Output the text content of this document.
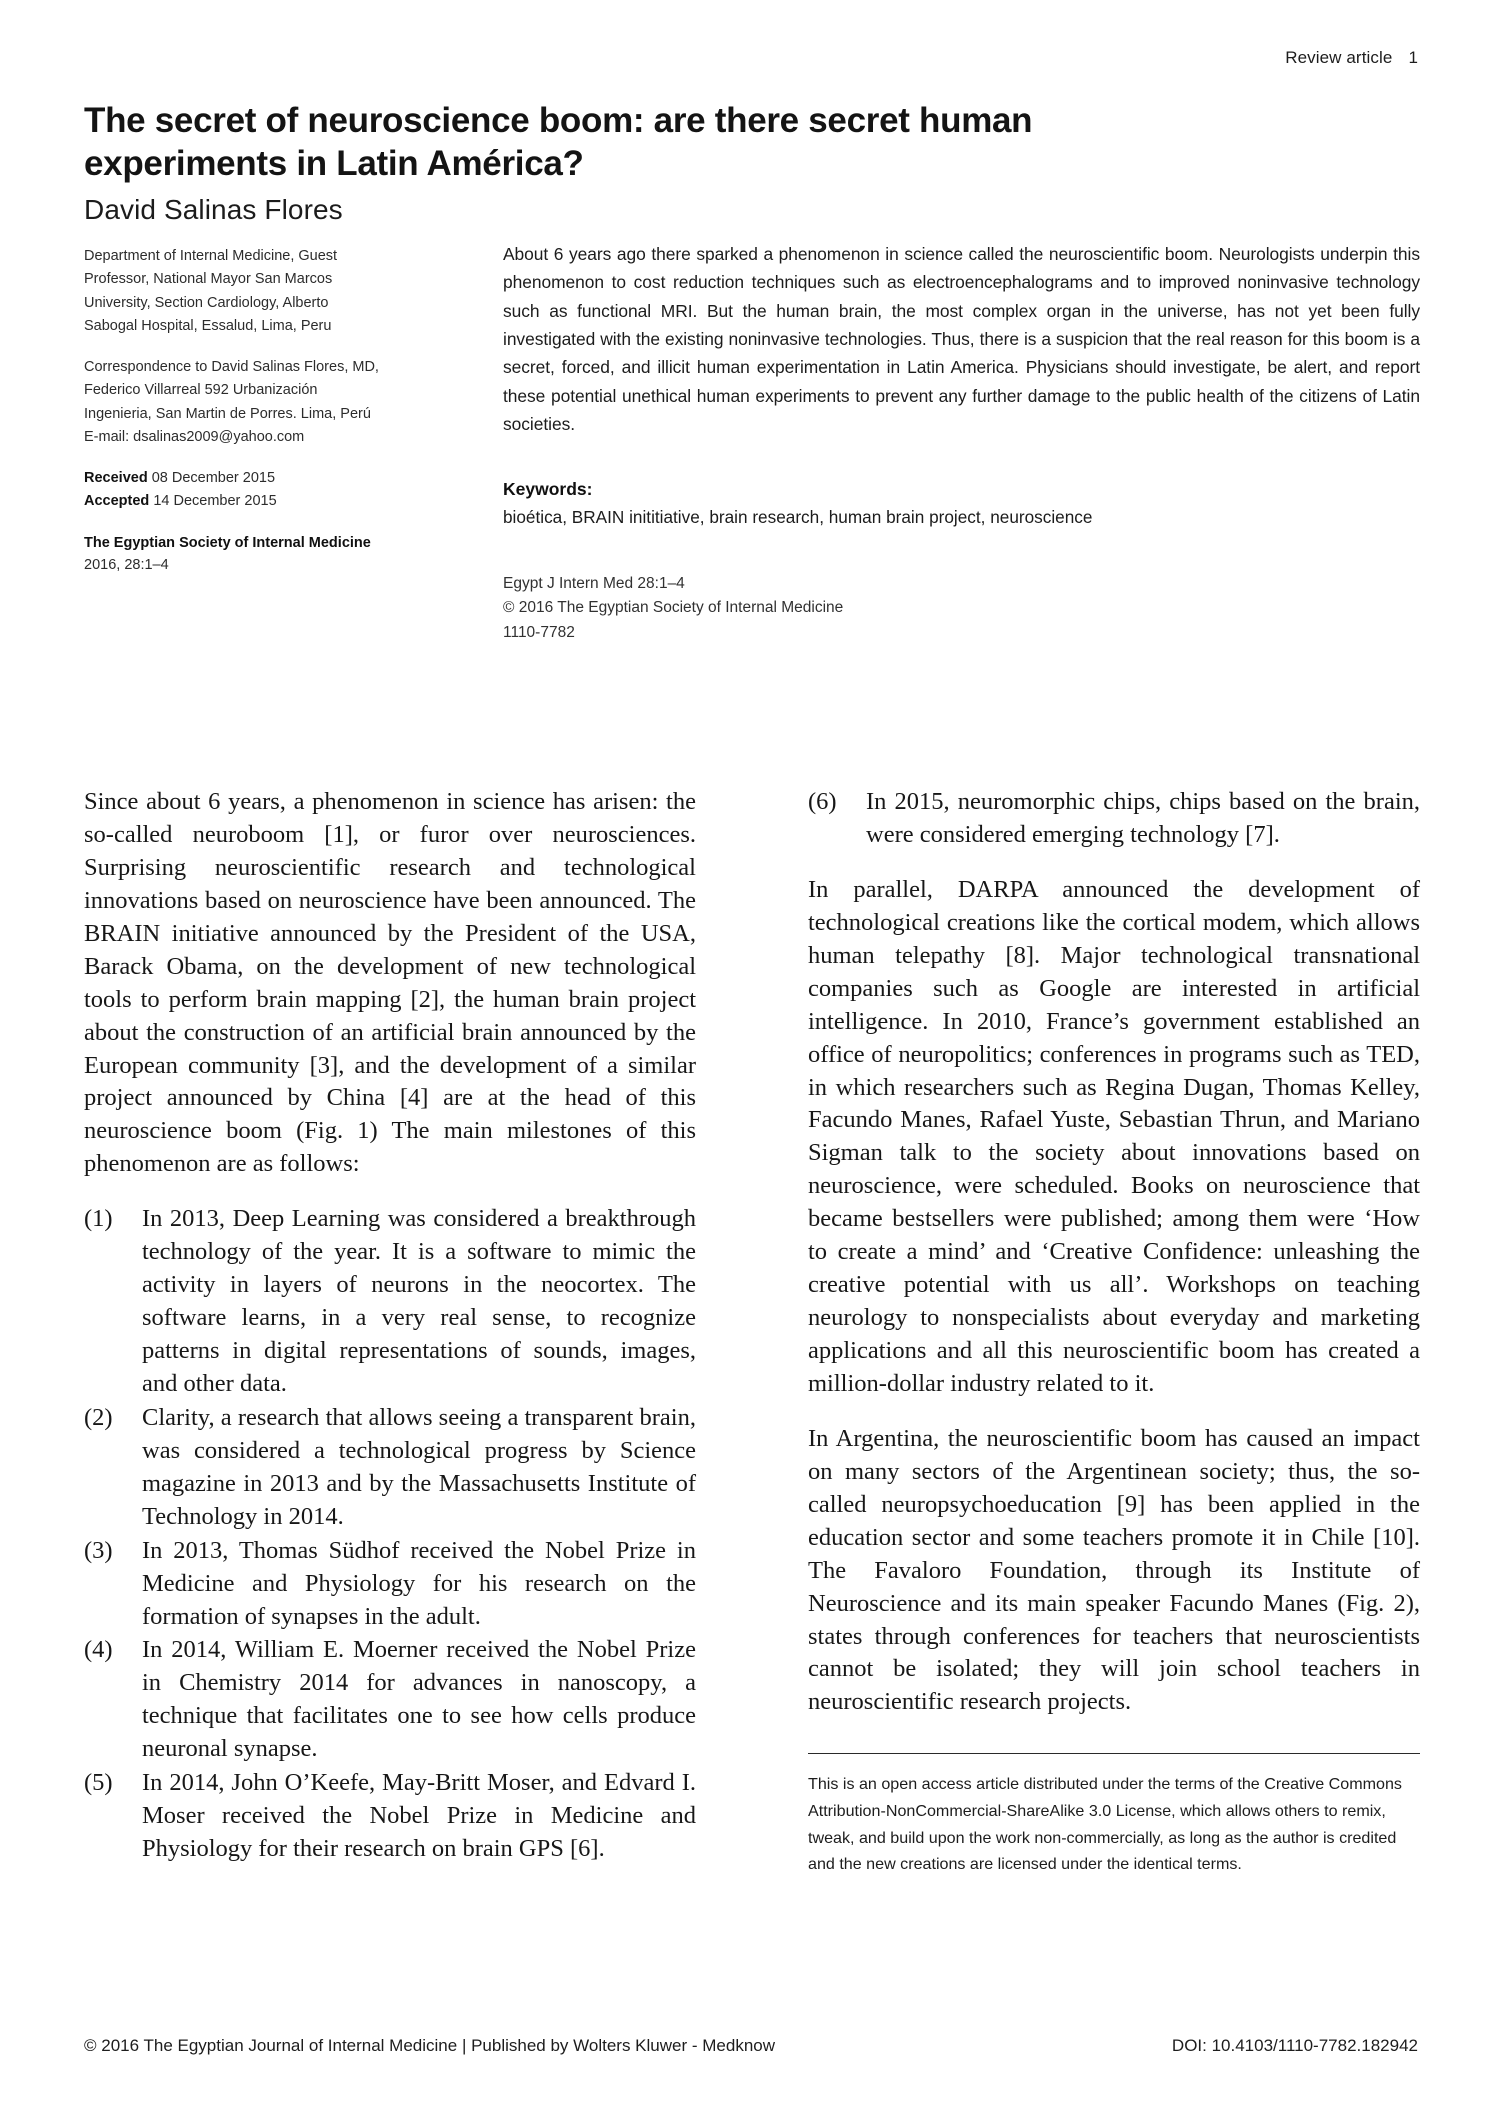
Review article 1
The secret of neuroscience boom: are there secret human experiments in Latin América?
David Salinas Flores
Department of Internal Medicine, Guest Professor, National Mayor San Marcos University, Section Cardiology, Alberto Sabogal Hospital, Essalud, Lima, Peru
Correspondence to David Salinas Flores, MD, Federico Villarreal 592 Urbanización Ingenieria, San Martin de Porres. Lima, Perú
E-mail: dsalinas2009@yahoo.com
Received 08 December 2015
Accepted 14 December 2015
The Egyptian Society of Internal Medicine
2016, 28:1–4

About 6 years ago there sparked a phenomenon in science called the neuroscientific boom. Neurologists underpin this phenomenon to cost reduction techniques such as electroencephalograms and to improved noninvasive technology such as functional MRI. But the human brain, the most complex organ in the universe, has not yet been fully investigated with the existing noninvasive technologies. Thus, there is a suspicion that the real reason for this boom is a secret, forced, and illicit human experimentation in Latin America. Physicians should investigate, be alert, and report these potential unethical human experiments to prevent any further damage to the public health of the citizens of Latin societies.

Keywords:
bioética, BRAIN inititiative, brain research, human brain project, neuroscience
Egypt J Intern Med 28:1–4
© 2016 The Egyptian Society of Internal Medicine
1110-7782

Since about 6 years, a phenomenon in science has arisen: the so-called neuroboom [1], or furor over neurosciences. Surprising neuroscientific research and technological innovations based on neuroscience have been announced. The BRAIN initiative announced by the President of the USA, Barack Obama, on the development of new technological tools to perform brain mapping [2], the human brain project about the construction of an artificial brain announced by the European community [3], and the development of a similar project announced by China [4] are at the head of this neuroscience boom (Fig. 1) The main milestones of this phenomenon are as follows:

(1)	In 2013, Deep Learning was considered a breakthrough technology of the year. It is a software to mimic the activity in layers of neurons in the neocortex. The software learns, in a very real sense, to recognize patterns in digital representations of sounds, images, and other data.
(2)	Clarity, a research that allows seeing a transparent brain, was considered a technological progress by Science magazine in 2013 and by the Massachusetts Institute of Technology in 2014.
(3)	In 2013, Thomas Südhof received the Nobel Prize in Medicine and Physiology for his research on the formation of synapses in the adult.
(4)	In 2014, William E. Moerner received the Nobel Prize in Chemistry 2014 for advances in nanoscopy, a technique that facilitates one to see how cells produce neuronal synapse.
(5)	In 2014, John O’Keefe, May-Britt Moser, and Edvard I. Moser received the Nobel Prize in Medicine and Physiology for their research on brain GPS [6].
(6)	In 2015, neuromorphic chips, chips based on the brain, were considered emerging technology [7].

In parallel, DARPA announced the development of technological creations like the cortical modem, which allows human telepathy [8]. Major technological transnational companies such as Google are interested in artificial intelligence. In 2010, France’s government established an office of neuropolitics; conferences in programs such as TED, in which researchers such as Regina Dugan, Thomas Kelley, Facundo Manes, Rafael Yuste, Sebastian Thrun, and Mariano Sigman talk to the society about innovations based on neuroscience, were scheduled. Books on neuroscience that became bestsellers were published; among them were ‘How to create a mind’ and ‘Creative Confidence: unleashing the creative potential with us all’. Workshops on teaching neurology to nonspecialists about everyday and marketing applications and all this neuroscientific boom has created a million-dollar industry related to it.

In Argentina, the neuroscientific boom has caused an impact on many sectors of the Argentinean society; thus, the so-called neuropsychoeducation [9] has been applied in the education sector and some teachers promote it in Chile [10]. The Favaloro Foundation, through its Institute of Neuroscience and its main speaker Facundo Manes (Fig. 2), states through conferences for teachers that neuroscientists cannot be isolated; they will join school teachers in neuroscientific research projects.

This is an open access article distributed under the terms of the Creative Commons Attribution-NonCommercial-ShareAlike 3.0 License, which allows others to remix, tweak, and build upon the work non-commercially, as long as the author is credited and the new creations are licensed under the identical terms.

© 2016 The Egyptian Journal of Internal Medicine | Published by Wolters Kluwer - Medknow	DOI: 10.4103/1110-7782.182942
